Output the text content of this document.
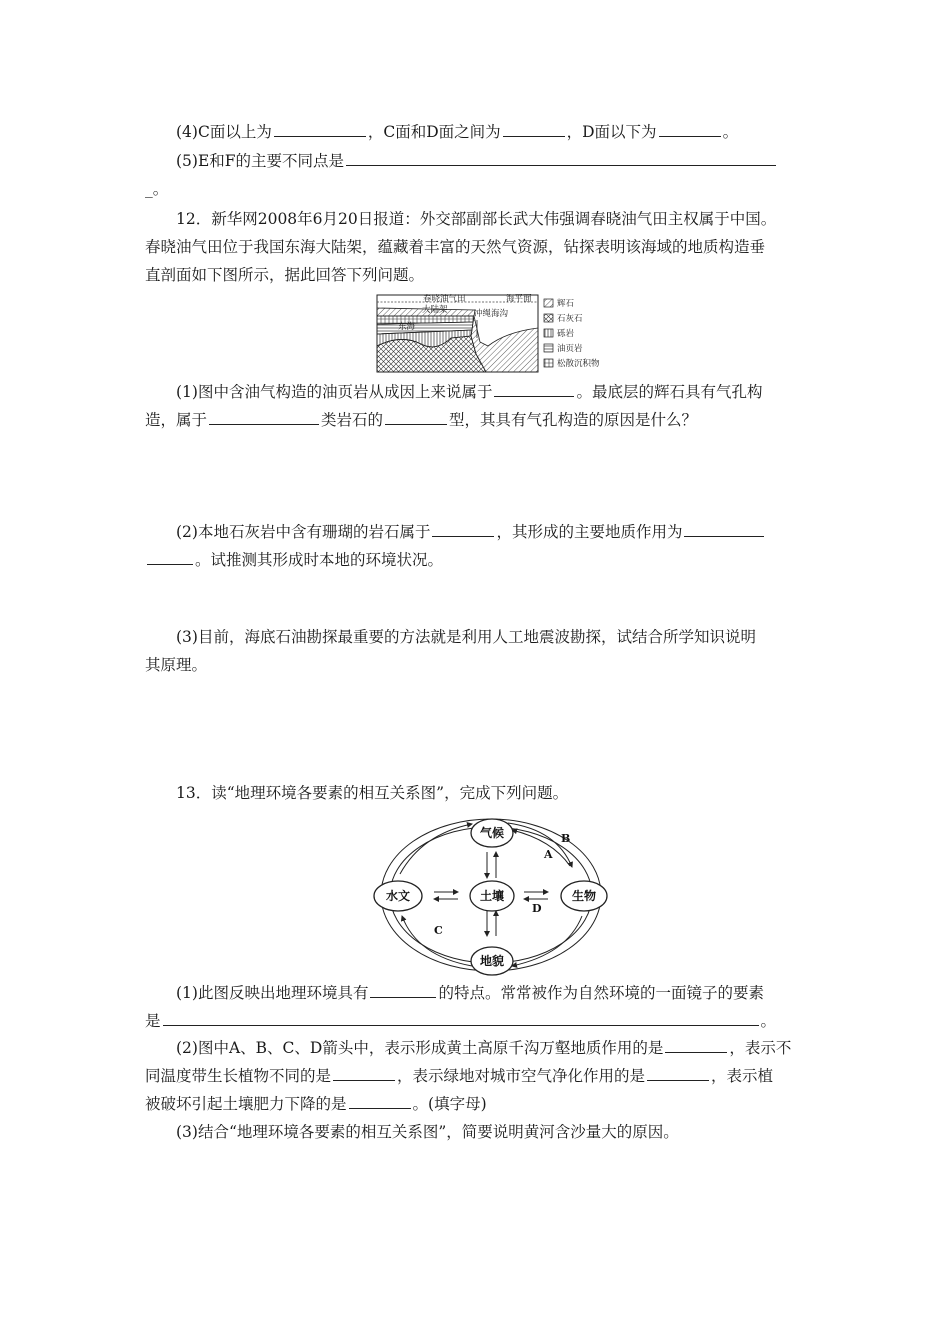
(4)C面以上为	，C面和D面之间为	，D面以下为	。
(5)E和F的主要不同点是
_。
12．新华网2008年6月20日报道：外交部副部长武大伟强调春晓油气田主权属于中国。
春晓油气田位于我国东海大陆架，蕴藏着丰富的天然气资源，钻探表明该海域的地质构造垂
直剖面如下图所示，据此回答下列问题。
春晓油气田	海平面
大陆架	冲绳海沟
东海
辉石
石灰石
砾岩
油页岩
松散沉积物
(1)图中含油气构造的油页岩从成因上来说属于	。最底层的辉石具有气孔构
造，属于	类岩石的	型，其具有气孔构造的原因是什么？
(2)本地石灰岩中含有珊瑚的岩石属于	，其形成的主要地质作用为
。试推测其形成时本地的环境状况。
(3)目前，海底石油勘探最重要的方法就是利用人工地震波勘探，试结合所学知识说明
其原理。
13．读“地理环境各要素的相互关系图”，完成下列问题。
气候
水文	土壤	生物
地貌
A
B
C
D
(1)此图反映出地理环境具有	的特点。常常被作为自然环境的一面镜子的要素
是	。
(2)图中A、B、C、D箭头中，表示形成黄土高原千沟万壑地质作用的是	，表示不
同温度带生长植物不同的是	，表示绿地对城市空气净化作用的是	，表示植
被破坏引起土壤肥力下降的是	。(填字母)
(3)结合“地理环境各要素的相互关系图”，简要说明黄河含沙量大的原因。
